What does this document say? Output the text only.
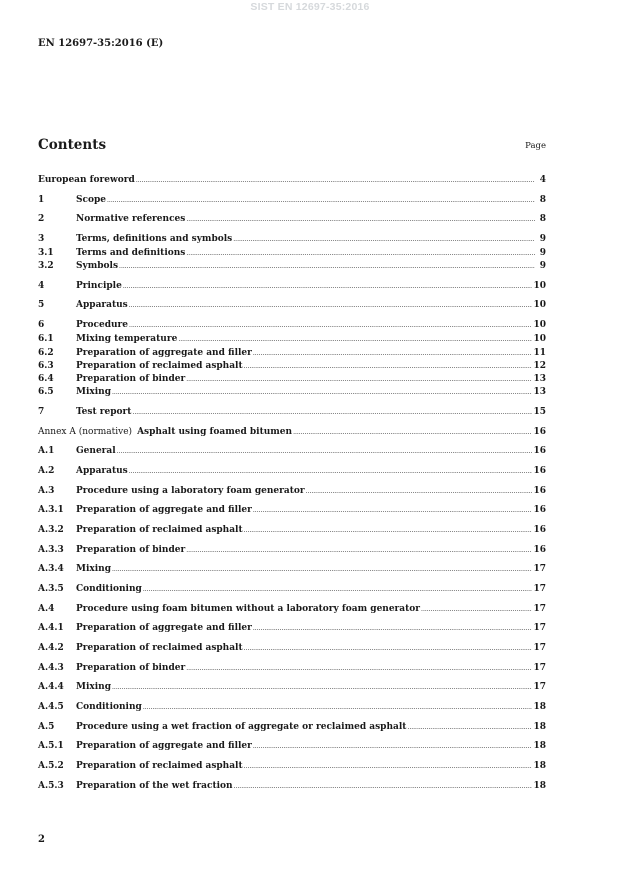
SIST EN 12697-35:2016
EN 12697-35:2016 (E)
Contents	Page
European foreword .....	4
1	Scope .....	8
2	Normative references .....	8
3	Terms, definitions and symbols .....	9
3.1	Terms and definitions .....	9
3.2	Symbols .....	9
4	Principle .....	10
5	Apparatus .....	10
6	Procedure .....	10
6.1	Mixing temperature .....	10
6.2	Preparation of aggregate and filler .....	11
6.3	Preparation of reclaimed asphalt .....	12
6.4	Preparation of binder .....	13
6.5	Mixing .....	13
7	Test report .....	15
Annex A (normative) Asphalt using foamed bitumen .....	16
A.1	General .....	16
A.2	Apparatus .....	16
A.3	Procedure using a laboratory foam generator .....	16
A.3.1	Preparation of aggregate and filler .....	16
A.3.2	Preparation of reclaimed asphalt .....	16
A.3.3	Preparation of binder .....	16
A.3.4	Mixing .....	17
A.3.5	Conditioning .....	17
A.4	Procedure using foam bitumen without a laboratory foam generator .....	17
A.4.1	Preparation of aggregate and filler .....	17
A.4.2	Preparation of reclaimed asphalt .....	17
A.4.3	Preparation of binder .....	17
A.4.4	Mixing .....	17
A.4.5	Conditioning .....	18
A.5	Procedure using a wet fraction of aggregate or reclaimed asphalt .....	18
A.5.1	Preparation of aggregate and filler .....	18
A.5.2	Preparation of reclaimed asphalt .....	18
A.5.3	Preparation of the wet fraction .....	18
2
